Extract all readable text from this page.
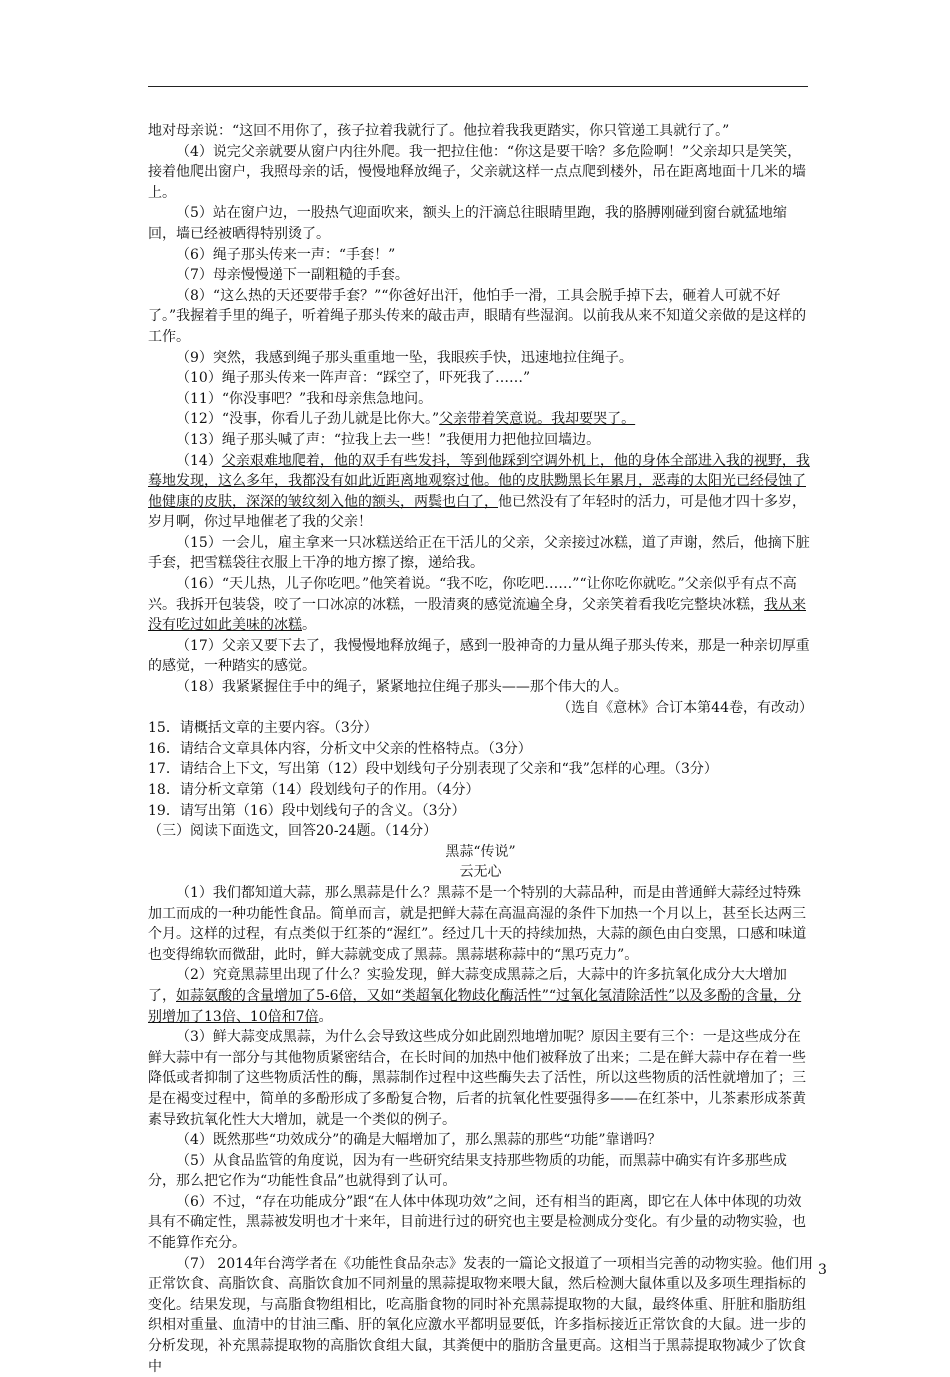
地对母亲说：“这回不用你了，孩子拉着我就行了。他拉着我我更踏实，你只管递工具就行了。”

（4）说完父亲就要从窗户内往外爬。我一把拉住他：“你这是要干啥？多危险啊！”父亲却只是笑笑，接着他爬出窗户，我照母亲的话，慢慢地释放绳子，父亲就这样一点点爬到楼外，吊在距离地面十几米的墙上。

（5）站在窗户边，一股热气迎面吹来，额头上的汗滴总往眼睛里跑，我的胳膊刚碰到窗台就猛地缩回，墙已经被晒得特别烫了。

（6）绳子那头传来一声：“手套！”

（7）母亲慢慢递下一副粗糙的手套。

（8）“这么热的天还要带手套？”“你爸好出汗，他怕手一滑，工具会脱手掉下去，砸着人可就不好了。”我握着手里的绳子，听着绳子那头传来的敲击声，眼睛有些湿润。以前我从来不知道父亲做的是这样的工作。

（9）突然，我感到绳子那头重重地一坠，我眼疾手快，迅速地拉住绳子。

（10）绳子那头传来一阵声音：“踩空了，吓死我了……”

（11）“你没事吧？”我和母亲焦急地问。

（12）“没事，你看儿子劲儿就是比你大。”父亲带着笑意说。我却要哭了。

（13）绳子那头喊了声：“拉我上去一些！”我便用力把他拉回墙边。

（14）父亲艰难地爬着，他的双手有些发抖，等到他踩到空调外机上，他的身体全部进入我的视野，我蓦地发现，这么多年，我都没有如此近距离地观察过他。他的皮肤黝黑长年累月，恶毒的太阳光已经侵蚀了他健康的皮肤，深深的皱纹刻入他的额头，两鬓也白了，他已然没有了年轻时的活力，可是他才四十多岁，岁月啊，你过早地催老了我的父亲！

（15）一会儿，雇主拿来一只冰糕送给正在干活儿的父亲，父亲接过冰糕，道了声谢，然后，他摘下脏手套，把雪糕袋往衣服上干净的地方擦了擦，递给我。

（16）“天儿热，儿子你吃吧。”他笑着说。“我不吃，你吃吧……”“让你吃你就吃。”父亲似乎有点不高兴。我拆开包装袋，咬了一口冰凉的冰糕，一股清爽的感觉流遍全身，父亲笑着看我吃完整块冰糕，我从来没有吃过如此美味的冰糕。

（17）父亲又要下去了，我慢慢地释放绳子，感到一股神奇的力量从绳子那头传来，那是一种亲切厚重的感觉，一种踏实的感觉。

（18）我紧紧握住手中的绳子，紧紧地拉住绳子那头——那个伟大的人。

（选自《意林》合订本第44卷，有改动）

15．请概括文章的主要内容。（3分）

16．请结合文章具体内容，分析文中父亲的性格特点。（3分）

17．请结合上下文，写出第（12）段中划线句子分别表现了父亲和“我”怎样的心理。（3分）

18．请分析文章第（14）段划线句子的作用。（4分）

19．请写出第（16）段中划线句子的含义。（3分）

（三）阅读下面选文，回答20-24题。（14分）

黑蒜“传说”

云无心

（1）我们都知道大蒜，那么黑蒜是什么？黑蒜不是一个特别的大蒜品种，而是由普通鲜大蒜经过特殊加工而成的一种功能性食品。简单而言，就是把鲜大蒜在高温高湿的条件下加热一个月以上，甚至长达两三个月。这样的过程，有点类似于红茶的“渥红”。经过几十天的持续加热，大蒜的颜色由白变黑，口感和味道也变得绵软而微甜，此时，鲜大蒜就变成了黑蒜。黑蒜堪称蒜中的“黑巧克力”。

（2）究竟黑蒜里出现了什么？实验发现，鲜大蒜变成黑蒜之后，大蒜中的许多抗氧化成分大大增加了，如蒜氨酸的含量增加了5-6倍，又如“类超氧化物歧化酶活性”“过氧化氢清除活性”以及多酚的含量，分别增加了13倍、10倍和7倍。

（3）鲜大蒜变成黑蒜，为什么会导致这些成分如此剧烈地增加呢？原因主要有三个：一是这些成分在鲜大蒜中有一部分与其他物质紧密结合，在长时间的加热中他们被释放了出来；二是在鲜大蒜中存在着一些降低或者抑制了这些物质活性的酶，黑蒜制作过程中这些酶失去了活性，所以这些物质的活性就增加了；三是在褐变过程中，简单的多酚形成了多酚复合物，后者的抗氧化性要强得多——在红茶中，儿茶素形成茶黄素导致抗氧化性大大增加，就是一个类似的例子。

（4）既然那些“功效成分”的确是大幅增加了，那么黑蒜的那些“功能”靠谱吗？

（5）从食品监管的角度说，因为有一些研究结果支持那些物质的功能，而黑蒜中确实有许多那些成分，那么把它作为“功能性食品”也就得到了认可。

（6）不过，“存在功能成分”跟“在人体中体现功效”之间，还有相当的距离，即它在人体中体现的功效具有不确定性，黑蒜被发明也才十来年，目前进行过的研究也主要是检测成分变化。有少量的动物实验，也不能算作充分。

（7） 2014年台湾学者在《功能性食品杂志》发表的一篇论文报道了一项相当完善的动物实验。他们用正常饮食、高脂饮食、高脂饮食加不同剂量的黑蒜提取物来喂大鼠，然后检测大鼠体重以及多项生理指标的变化。结果发现，与高脂食物组相比，吃高脂食物的同时补充黑蒜提取物的大鼠，最终体重、肝脏和脂肪组织相对重量、血清中的甘油三酯、肝的氧化应激水平都明显要低，许多指标接近正常饮食的大鼠。进一步的分析发现，补充黑蒜提取物的高脂饮食组大鼠，其粪便中的脂肪含量更高。这相当于黑蒜提取物减少了饮食中

3
